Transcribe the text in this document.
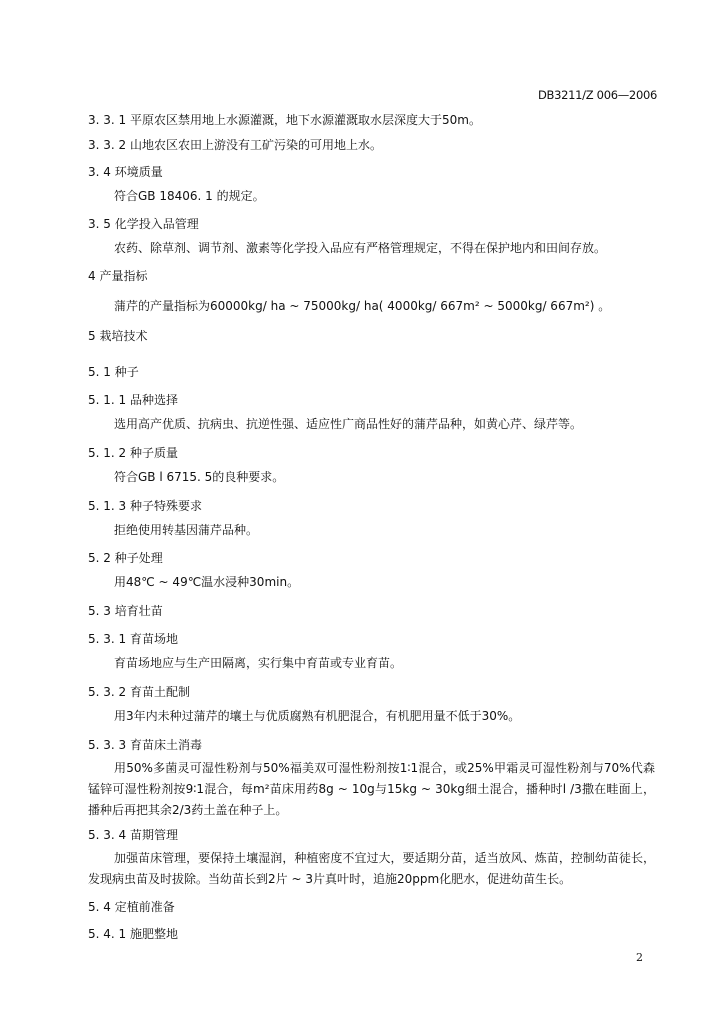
DB3211/Z 006—2006
3. 3. 1 平原农区禁用地上水源灌溉，地下水源灌溉取水层深度大于50m。
3. 3. 2 山地农区农田上游没有工矿污染的可用地上水。
3. 4 环境质量
符合GB 18406. 1 的规定。
3. 5 化学投入品管理
农药、除草剂、调节剂、激素等化学投入品应有严格管理规定，不得在保护地内和田间存放。
4 产量指标
蒲芹的产量指标为60000kg/ ha ~ 75000kg/ ha( 4000kg/ 667m² ~ 5000kg/ 667m²) 。
5 栽培技术
5. 1 种子
5. 1. 1 品种选择
选用高产优质、抗病虫、抗逆性强、适应性广商品性好的蒲芹品种，如黄心芹、绿芹等。
5. 1. 2 种子质量
符合GB l 6715. 5的良种要求。
5. 1. 3 种子特殊要求
拒绝使用转基因蒲芹品种。
5. 2 种子处理
用48℃ ~ 49℃温水浸种30min。
5. 3 培育壮苗
5. 3. 1 育苗场地
育苗场地应与生产田隔离，实行集中育苗或专业育苗。
5. 3. 2 育苗土配制
用3年内未种过蒲芹的壤土与优质腐熟有机肥混合，有机肥用量不低于30%。
5. 3. 3 育苗床土消毒
用50%多菌灵可湿性粉剂与50%福美双可湿性粉剂按1∶1混合，或25%甲霜灵可湿性粉剂与70%代森锰锌可湿性粉剂按9∶1混合，每m²苗床用药8g ~ 10g与15kg ~ 30kg细土混合，播种时l /3撒在畦面上，播种后再把其余2/3药土盖在种子上。
5. 3. 4 苗期管理
加强苗床管理，要保持土壤湿润，种植密度不宜过大，要适期分苗，适当放风、炼苗，控制幼苗徒长，发现病虫苗及时拔除。当幼苗长到2片 ~ 3片真叶时，追施20ppm化肥水，促进幼苗生长。
5. 4 定植前准备
5. 4. 1 施肥整地
2
